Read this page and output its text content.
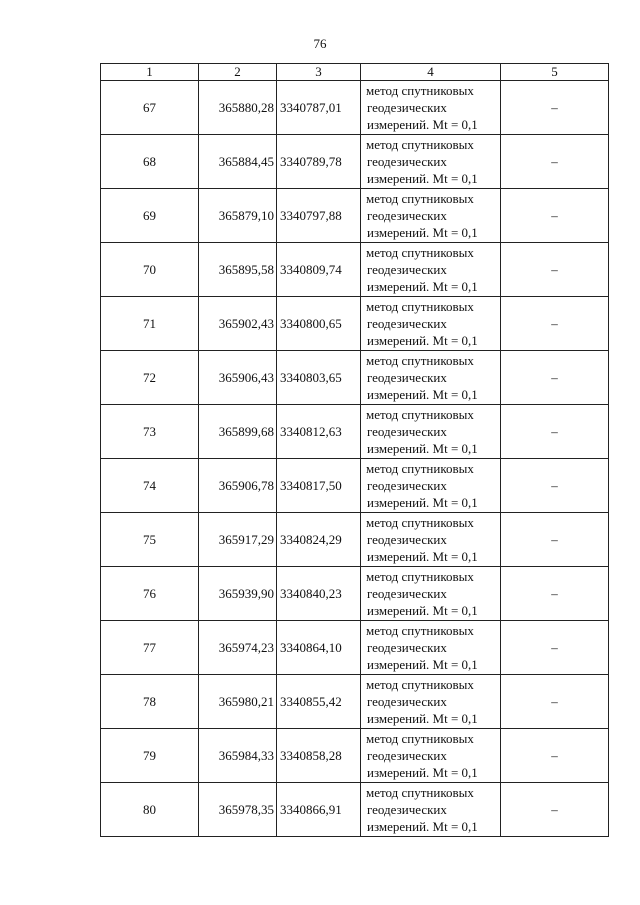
76
1	2	3	4	5
67	365880,28	3340787,01	метод спутниковых
геодезических
измерений. Mt = 0,1	–
68	365884,45	3340789,78	метод спутниковых
геодезических
измерений. Mt = 0,1	–
69	365879,10	3340797,88	метод спутниковых
геодезических
измерений. Mt = 0,1	–
70	365895,58	3340809,74	метод спутниковых
геодезических
измерений. Mt = 0,1	–
71	365902,43	3340800,65	метод спутниковых
геодезических
измерений. Mt = 0,1	–
72	365906,43	3340803,65	метод спутниковых
геодезических
измерений. Mt = 0,1	–
73	365899,68	3340812,63	метод спутниковых
геодезических
измерений. Mt = 0,1	–
74	365906,78	3340817,50	метод спутниковых
геодезических
измерений. Mt = 0,1	–
75	365917,29	3340824,29	метод спутниковых
геодезических
измерений. Mt = 0,1	–
76	365939,90	3340840,23	метод спутниковых
геодезических
измерений. Mt = 0,1	–
77	365974,23	3340864,10	метод спутниковых
геодезических
измерений. Mt = 0,1	–
78	365980,21	3340855,42	метод спутниковых
геодезических
измерений. Mt = 0,1	–
79	365984,33	3340858,28	метод спутниковых
геодезических
измерений. Mt = 0,1	–
80	365978,35	3340866,91	метод спутниковых
геодезических
измерений. Mt = 0,1	–
